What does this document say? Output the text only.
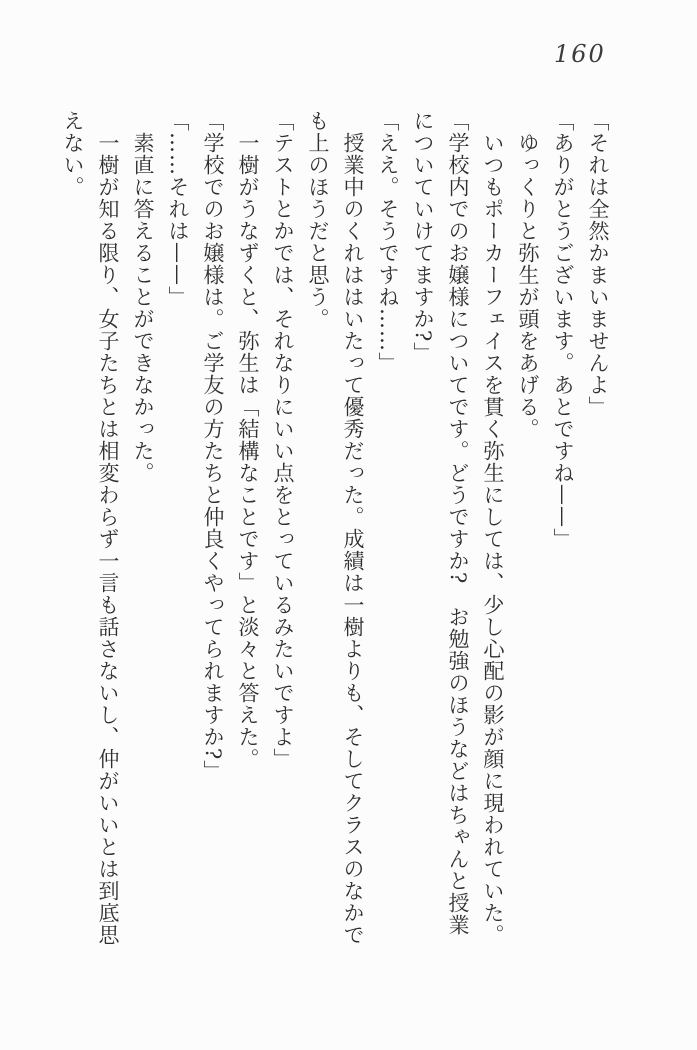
160
「それは全然かまいませんよ」
「ありがとうございます。あとですね——」
ゆっくりと弥生が頭をあげる。
いつもポーカーフェイスを貫く弥生にしては、少し心配の影が顔に現われていた。
「学校内でのお嬢様についてです。どうですか?　お勉強のほうなどはちゃんと授業
についていけてますか?」
「ええ。そうですね……」
授業中のくれははいたって優秀だった。成績は一樹よりも、そしてクラスのなかで
も上のほうだと思う。
「テストとかでは、それなりにいい点をとっているみたいですよ」
一樹がうなずくと、弥生は「結構なことです」と淡々と答えた。
「学校でのお嬢様は。ご学友の方たちと仲良くやってられますか?」
「……それは——」
素直に答えることができなかった。
一樹が知る限り、女子たちとは相変わらず一言も話さないし、仲がいいとは到底思
えない。
